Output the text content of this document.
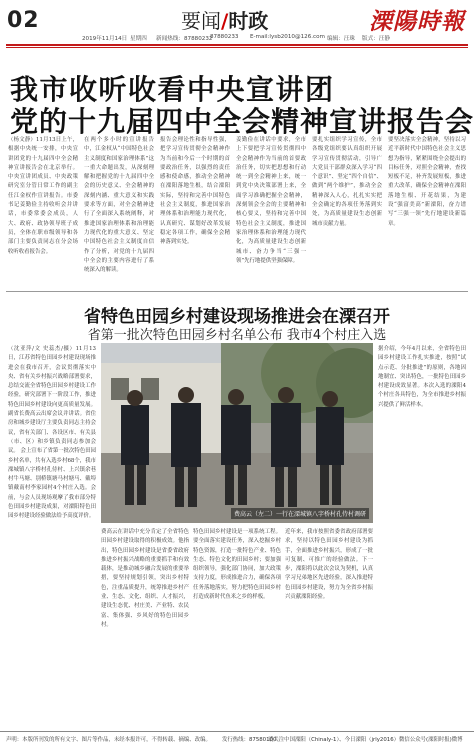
02	要闻/时政	溧陽時報
2019年11月14日 星期四 新闻热线：87880232
87880233 E-mail:lysb2010@126.com 编辑：汪珠 版式：汪静
我市收听收看中央宣讲团
党的十九届四中全会精神宣讲报告会
（杨文静）11月13日上午，根据中央统一安排，中央宣讲团党的十九届四中全会精神宣讲报告会在北京举行。中央宣讲团成员、中央政策研究室分管日常工作的副主任江金权作宣讲报告。市委书记姜勤俭主持收听会并讲话，市委常委会成员，人大、政府、政协领导班子成员，全体在职市级领导和各部门主要负责同志在分会场收听收看报告会。
在两个多小时的宣讲报告中，江金权从“中国特色社会主义制度和国家治理体系”这一重大命题出发，从深刻理解和把握党的十九届四中全会的历史意义、全会精神的深刻内涵、重大意义和实践要求等方面，对全会精神进行了全面深入系统阐释，对推进国家治理体系和治理能力现代化的重大意义、坚定中国特色社会主义制度自信作了分析，对党的十九届四中全会的主要内容进行了系统深入的解读。
报告会理论性和指导性强，把学习宣传贯彻全会精神作为当前和今后一个时期的首要政治任务，以强烈的责任感和使命感，推动全会精神在溧阳落地生根，结合溧阳实际，坚持和完善中国特色社会主义制度，推进国家治理体系和治理能力现代化，认真研究、谋划好改革发展稳定各项工作，确保全会精神落到实处。
姜勤俭在讲话中要求，全市上下要把学习宣传贯彻四中全会精神作为当前的首要政治任务，切实把思想和行动统一到全会精神上来，统一到党中央决策部署上来，全面学习准确把握全会精神，深刻领会全会的主要精神和核心要义，坚持和完善中国特色社会主义制度，推进国家治理体系和治理能力现代化，为高质量建设生态创新城市、奋力争当“三强一领”先行地提供坚强保障。
要扎实组织学习宣传，全市各级党组织要认真组织开展学习宣传贯彻活动，引导广大党员干部群众深入学习“四个意识”、坚定“四个自信”、做到“两个维护”，推动全会精神深入人心，扎扎实实把全会确定的各项任务落到实处，为高质量建设生态创新城市贡献力量。
要坚决落实全会精神，坚持以习近平新时代中国特色社会主义思想为指导，紧紧围绕全会提出的目标任务，对照全会精神，查找短板不足，补齐发展短板，推进重大改革，确保全会精神在溧阳落地生根、开花结果，为建设“强富美高”新溧阳，奋力谱写“三强一领”先行地建设新篇章。
省特色田园乡村建设现场推进会在溧召开
省第一批次特色田园乡村名单公布 我市4个村庄入选
（沈亚萍/文 史蕊杰/摄）11月13日，江苏省特色田园乡村建设现场推进会在我市召开，会议贯彻落实中央、省有关乡村振兴战略部署要求，总结交流全省特色田园乡村建设工作经验，研究部署下一阶段工作，推进特色田园乡村建设向更高质量发展。副省长费高云出席会议并讲话。省住房和城乡建设厅主要负责同志主持会议，省有关部门、各设区市、有关县（市、区）和乡镇负责同志参加会议。 会上宣布了省第一批次特色田园乡村名单，共有入选乡村68个，我市溧城镇八字桥村孔侍村、上兴镇余巷村牛马塘、别桥镇塘马村塘马、戴埠镇戴南村李家园村4个村庄入选。会前，与会人员现场观摩了我市部分特色田园乡村建设成果，对溧阳特色田园乡村建设经验做法给予高度评价。	费高云（左二）一行在溧城镇八字桥村孔侍村调研
费高云在讲话中充分肯定了全省特色田园乡村建设取得的积极成效。他指出，特色田园乡村建设是省委省政府推进乡村振兴战略的重要抓手和有效载体，是推动城乡融合发展的重要举措，要坚持规划引领，突出乡村特色，注重品质提升，统筹推进乡村产业、生态、文化、组织、人才振兴，建设生态优、村庄美、产业特、农民富、集体强、乡风好的特色田园乡村。
特色田园乡村建设是一项系统工程。要全面落实建设任务，深入挖掘乡村特色资源，打造一批特色产业、特色生态、特色文化的田园乡村；要加强组织领导，强化部门协同，加大政策支持力度，形成推进合力，确保各项任务落地落实，努力把特色田园乡村打造成新时代鱼米之乡的样板。
近年来，我市按照省委省政府部署要求，坚持以特色田园乡村建设为抓手，全面推进乡村振兴，形成了一批可复制、可推广的经验做法。下一步，溧阳将以此次会议为契机，认真学习兄弟地区先进经验，深入推进特色田园乡村建设，努力为全省乡村振兴贡献溧阳经验。
据介绍，今年4月以来，全省特色田园乡村建设工作扎实推进，按照“试点示范、分批推进”的原则，各地因地制宜、突出特色，一批特色田园乡村建设成效显著。本次入选的溧阳4个村庄各具特色，为全市推进乡村振兴提供了鲜活样本。
声明：本版所刊发的所有文字、图片等作品，未经本报许可，不得转载、摘编、改编。 发行热线：87580100
请关注中国溧阳（Chinaly-1）、今日溧阳（jrly2016）微信公众号(溧阳时报)微博
